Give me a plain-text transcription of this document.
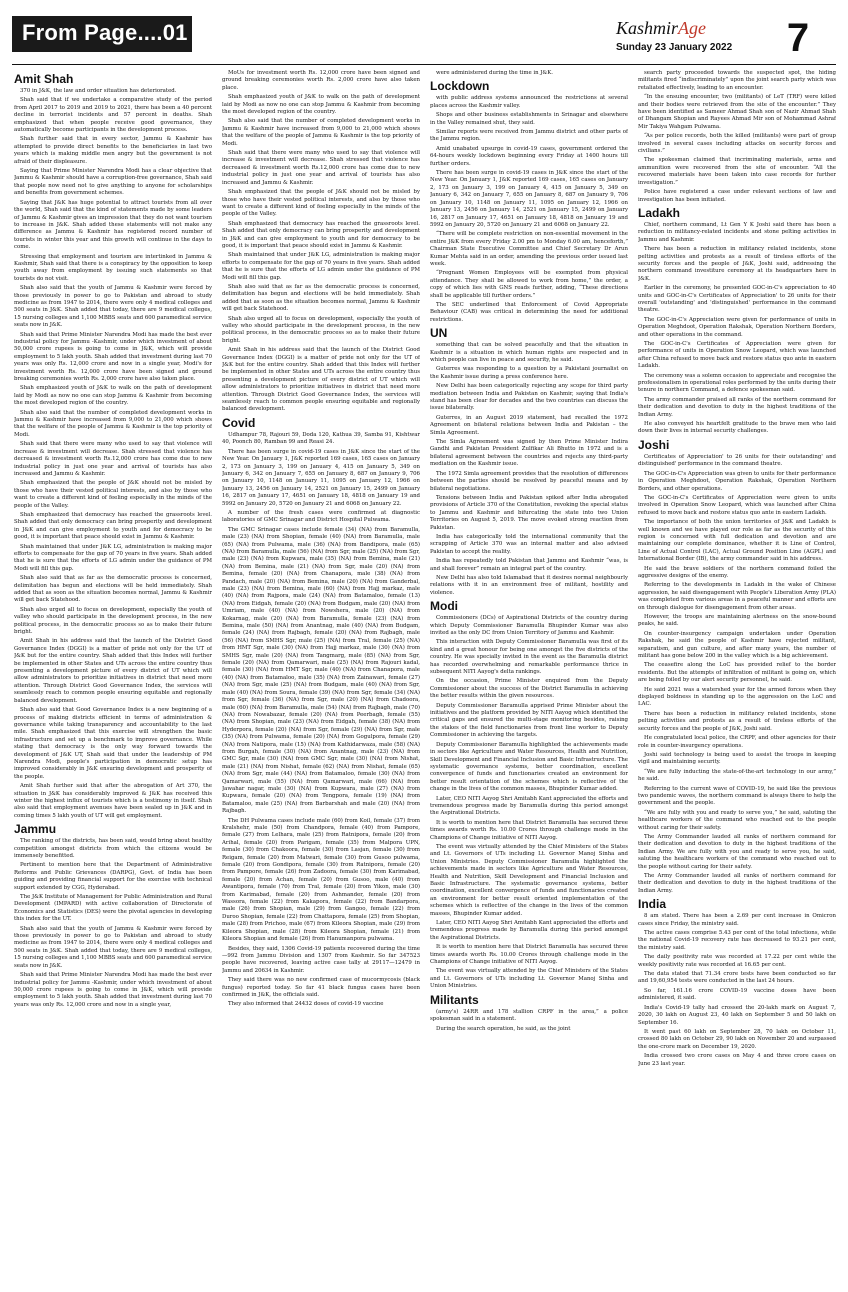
From Page....01	KashmirAge
Sunday 23 January 2022	7
Amit Shah

370 in J&K, the law and order situation has deteriorated.

Shah said that if we undertake a comparative study of the period from April 2017 to 2019 and 2019 to 2021, there has been a 40 percent decline in terrorist incidents and 57 percent in deaths. Shah emphasized that when people receive good governance, they automatically become participants in the development process.

Shah further said that in every sector, Jammu & Kashmir has attempted to provide direct benefits to the beneficiaries in last two years which is making middle men angry but the government is not afraid of their displeasure.

Saying that Prime Minister Narendra Modi has a clear objective that Jammu & Kashmir should have a corruption-free governance, Shah said that people now need not to give anything to anyone for scholarships and benefits from government schemes.

Saying that J&K has huge potential to attract tourists from all over the world, Shah said that the kind of statements made by some leaders of Jammu & Kashmir gives an impression that they do not want tourism to increase in J&K. Shah added these statements will not make any difference as Jammu & Kashmir has registered record number of tourists in winter this year and this growth will continue in the days to come.

Stressing that employment and tourism are intertinked in Jammu & Kashmir, Shah said that there is a conspiracy by the opposition to keep youth away from employment by issuing such statements so that tourists do not visit.

Shah also said that the youth of Jammu & Kashmir were forced by those previously in power to go to Pakistan and abroad to study medicine as from 1947 to 2014, there were only 4 medical colleges and 500 seats in J&K. Shah added that today, there are 9 medical colleges, 15 nursing colleges and 1,100 MBBS seats and 600 paramedical service seats now in J&K.

Shah said that Prime Minister Narendra Modi has made the best ever industrial policy for Jammu -Kashmir, under which investment of about 50,000 crore rupees is going to come in J&K, which will provide employment to 5 lakh youth. Shah added that investment during last 70 years was only Rs. 12,000 crore and now in a single year, Modi's for investment worth Rs. 12,000 crore have been signed and ground breaking ceremonies worth Rs. 2,000 crore have also taken place.

Shah emphasized youth of J&K to walk on the path of development laid by Modi as now no one can stop Jammu & Kashmir from becoming the most developed region of the country.

Shah also said that the number of completed development works in Jammu & Kashmir have increased from 9,000 to 21,000 which shows that the welfare of the people of Jammu & Kashmir is the top priority of Modi.

Shah said that there were many who used to say that violence will increase & investment will decrease. Shah stressed that violence has decreased & investment worth Rs.12,000 crore has come due to new industrial policy in just one year and arrival of tourists has also increased and Jammu & Kashmir.

Shah emphasized that the people of J&K should not be misled by those who have their vested political interests, and also by those who want to create a different kind of feeling especially in the minds of the people of the Valley.

Shah emphasized that democracy has reached the grassroots level. Shah added that only democracy can bring prosperity and development in J&K and can give employment to youth and for democracy to be good, it is important that peace should exist in Jammu & Kashmir.

Shah maintained that under J&K LG, administration is making major efforts to compensate for the gap of 70 years in five years. Shah added that he is sure that the efforts of LG admin under the guidance of PM Modi will fill this gap.

Shah also said that as far as the democratic process is concerned, delimitation has begun and elections will be held immediately. Shah added that as soon as the situation becomes normal, Jammu & Kashmir will get back Statehood.

Shah also urged all to focus on development, especially the youth of valley who should participate in the development process, in the new political process, in the democratic process so as to make their future bright.

Amit Shah in his address said that the launch of the District Good Governance Index (DGGI) is a matter of pride not only for the UT of J&K but for the entire country. Shah added that this Index will further be implemented in other States and UTs across the entire country thus presenting a development picture of every district of UT which will allow administrators to prioritize initiatives in district that need more attention. Through District Good Governance Index, the services will seamlessly reach to common people ensuring equitable and regionally balanced development.

Shah also said that Good Governance Index is a new beginning of a process of making districts efficient in terms of administration & governance while taking transparency and accountability to the last mile. Shah emphasized that this exercise will strengthen the basic infrastructure and set up a benchmark to improve governance. While stating that democracy is the only way forward towards the development of J&K UT, Shah said that under the leadership of PM Narendra Modi, people's participation in democratic setup has improved considerably in J&K ensuring development and prosperity of the people.

Amit Shah further said that after the abrogation of Art 370, the situation in J&K has considerably improved & J&K has received this winter the highest influx of tourists which is a testimony in itself. Shah also said that employment avenues have been sealed up in J&K and in coming times 5 lakh youth of UT will get employment.

Jammu

The ranking of the districts, has been said, would bring about healthy competition amongst districts from which the citizens would be immensely benefitted.

Pertinent to mention here that the Department of Administrative Reforms and Public Grievances (DARPG), Govt. of India has been guiding and providing financial support for the exercise with technical support extended by CGG, Hyderabad.

The J&K Institute of Management for Public Administration and Rural Development (IMPARD) with active collaboration of Directorate of Economics and Statistics (DES) were the pivotal agencies in developing this index for the UT.

Shah also said that the youth of Jammu & Kashmir were forced by those previously in power to go to Pakistan and abroad to study medicine as from 1947 to 2014, there were only 4 medical colleges and 500 seats in J&K. Shah added that today, there are 9 medical colleges, 15 nursing colleges and 1,100 MBBS seats and 600 paramedical service seats now in J&K.

Shah said that Prime Minister Narendra Modi has made the best ever industrial policy for Jammu -Kashmir, under which investment of about 50,000 crore rupees is going to come in J&K, which will provide employment to 5 lakh youth. Shah added that investment during last 70 years was only Rs. 12,000 crore and now in a single year,

MoUs for investment worth Rs. 12,000 crore have been signed and ground breaking ceremonies worth Rs. 2,000 crore have also taken place.

Shah emphasized youth of J&K to walk on the path of development laid by Modi as now no one can stop Jammu & Kashmir from becoming the most developed region of the country.

Shah also said that the number of completed development works in Jammu & Kashmir have increased from 9,000 to 21,000 which shows that the welfare of the people of Jammu & Kashmir is the top priority of Modi.

Shah said that there were many who used to say that violence will increase & investment will decrease. Shah stressed that violence has decreased & investment worth Rs.12,000 crore has come due to new industrial policy in just one year and arrival of tourists has also increased and Jammu & Kashmir.

Shah emphasized that the people of J&K should not be misled by those who have their vested political interests, and also by those who want to create a different kind of feeling especially in the minds of the people of the Valley.

Shah emphasized that democracy has reached the grassroots level. Shah added that only democracy can bring prosperity and development in J&K and can give employment to youth and for democracy to be good, it is important that peace should exist in Jammu & Kashmir.

Shah maintained that under J&K LG, administration is making major efforts to compensate for the gap of 70 years in five years. Shah added that he is sure that the efforts of LG admin under the guidance of PM Modi will fill this gap.

Shah also said that as far as the democratic process is concerned, delimitation has begun and elections will be held immediately. Shah added that as soon as the situation becomes normal, Jammu & Kashmir will get back Statehood.

Shah also urged all to focus on development, especially the youth of valley who should participate in the development process, in the new political process, in the democratic process so as to make their future bright.

Amit Shah in his address said that the launch of the District Good Governance Index (DGGI) is a matter of pride not only for the UT of J&K but for the entire country. Shah added that this Index will further be implemented in other States and UTs across the entire country thus presenting a development picture of every district of UT which will allow administrators to prioritize initiatives in district that need more attention. Through District Good Governance Index, the services will seamlessly reach to common people ensuring equitable and regionally balanced development.

Covid

Udhampur 78, Rajouri 59, Doda 120, Kathua 39, Samba 91, Kishtwar 40, Poonch 80, Ramban 99 and Reasi 24.

There has been surge in covid-19 cases in J&K since the start of the New Year. On January 1, J&K reported 169 cases, 165 cases on January 2, 173 on January 3, 199 on January 4, 415 on January 5, 349 on January 6, 342 on January 7, 655 on January 8, 687 on January 9, 706 on January 10, 1148 on January 11, 1095 on January 12, 1966 on January 13, 2456 on January 14, 2521 on January 15, 2499 on January 16, 2817 on January 17, 4651 on January 18, 4818 on January 19 and 5992 on January 20, 5720 on January 21 and 6068 on January 22.

A number of the fresh cases were confirmed at diagnostic laboratories of GMC Srinagar and District Hospital Pulwama.

The GMC Srinagar cases include female (34) (NA) from Baramulla, male (23) (NA) from Shopian, female (40) (NA) from Baramulla, male (65) (NA) from Pulwama, male (36) (NA) from Bandipora, male (65) (NA) from Baramulla, male (56) (NA) from Sgr, male (25) (NA) from Sgr, male (23) (NA) from Kupwara, male (35) (NA) from Bemina, male (21) (NA) from Bemina, male (21) (NA) from Sgr, male (20) (NA) from Bemina, female (20) (NA) from Chanapora, male (38) (NA) from Pandach, male (20) (NA) from Bemina, male (20) (NA) from Ganderbal, male (23) (NA) from Bemina, male (60) (NA) from Hajj markaz, male (40) (NA) from Rajpora, male (24) (NA) from Batamaloo, female (13) (NA) from Eidgah, female (20) (NA) from Budgam, male (20) (NA) from Umriam, male (40) (NA) from Nowshera, male (20) (NA) from Kokarnag, male (20) (NA) from Baramulla, female (23) (NA) from Bemina, male (50) (NA) from Anantnag, male (40) (NA) from Budgam, female (24) (NA) from Rajbagh, female (20) (NA) from Rajbagh, male (56) (NA) from SMHS Sgr, male (25) (NA) from Tral, female (25) (NA) from HMT Sgr, male (30) (NA) from Hajj markaz, male (30) (NA) from SMHS Sgr, male (20) (NA) from Tangmarg, male (85) (NA) from Sgr, female (20) (NA) from Qamarwari, male (25) (NA) from Rajouri kadal, female (30) (NA) from HMT Sgr, male (40) (NA) from Chanapora, male (40) (NA) from Batamaloo, male (35) (NA) from Zainawari, female (27) (NA) from Sgr, male (25) (NA) from Budgam, male (40) (NA) from Sgr, male (40) (NA) from Soura, female (39) (NA) from Sgr, female (34) (NA) from Sgr, female (36) (NA) from Sgr, male (20) (NA) from Chadoora, male (60) (NA) from Baramulla, male (54) (NA) from Rajbagh, male (70) (NA) from Nowabazar, female (20) (NA) from Peerbagh, female (55) (NA) from Shopian, male (23) (NA) from Eidgah, female (38) (NA) from Hyderpora, female (20) (NA) from Sgr, female (29) (NA) from Sgr, male (35) (NA) from Pulwama, female (20) (NA) from Gogulpora, female (29) (NA) from Natipora, male (15) (NA) from Kathidarwaza, male (58) (NA) from Burgah, female (30) (NA) from Anantnag, male (23) (NA) from GMC Sgr, male (30) (NA) from GMC Sgr, male (30) (NA) from Nishat, male (21) (NA) from Nishat, female (62) (NA) from Nishat, female (65) (NA) from Sgr, male (44) (NA) from Batamaloo, female (30) (NA) from Qamarwari, male (55) (NA) from Qamarwari, male (66) (NA) from Jawahar nagar, male (30) (NA) from Kupwara, male (27) (NA) from Kupwara, female (20) (NA) from Tengpora, female (19) (NA) from Batamaloo, male (25) (NA) from Barbarshah and male (20) (NA) from Rajbagh.

The DH Pulwama cases include male (60) from Koil, female (37) from Kralshehr, male (50) from Chandpora, female (40) from Pampore, female (27) from Lelhara, male (25) from Ratnipora, female (20) from Arihal, female (20) from Parigam, female (35) from Malpora UPN, female (30) from Chakoora, female (30) from Lasjan, female (30) from Reigam, female (20) from Matwari, female (30) from Gusoo pulwama, female (20) from Gondipora, female (30) from Ratnipora, female (20) from Pampore, female (26) from Zadoora, female (30) from Karimabad, female (20) from Achan, female (20) from Gusoo, male (40) from Awantipora, female (70) from Tral, female (20) from Yikon, male (30) from Karimabad, female (20) from Ashmander, female (20) from Wassora, female (22) from Kakapora, female (22) from Bandarpora, male (26) from Shopian, male (29) from Gangoo, female (22) from Duroo Shopian, female (22) from Chattapora, female (25) from Shopian, male (28) from Prichoo, male (67) from Kileora Shopian, male (29) from Kileora Shopian, male (28) from Kileora Shopian, female (21) from Kileora Shopian and female (26) from Hanumanpora pulwama.

Besides, they said, 1306 Covid-19 patients recovered during the time—992 from Jammu Division and 1307 from Kashmir. So far 347523 people have recovered, leaving active case tally at 29117—12479 in Jammu and 20634 in Kashmir.

They said there was no new confirmed case of mucormycosis (black fungus) reported today. So far 41 black fungus cases have been confirmed in J&K, the officials said.

They also informed that 24432 doses of covid-19 vaccine

were administered during the time in J&K.

Lockdown

with public address systems announced the restrictions at several places across the Kashmir valley.

Shops and other business establishments in Srinagar and elsewhere in the Valley remained shut, they said.

Similar reports were received from Jammu district and other parts of the Jammu region.

Amid unabated upsurge in covid-19 cases, government ordered the 64-hours weekly lockdown beginning every Friday at 1400 hours till further orders.

There has been surge in covid-19 cases in J&K since the start of the New Year. On January 1, J&K reported 169 cases, 165 cases on January 2, 173 on January 3, 199 on January 4, 415 on January 5, 349 on January 6, 342 on January 7, 655 on January 8, 687 on January 9, 706 on January 10, 1148 on January 11, 1095 on January 12, 1966 on January 13, 2456 on January 14, 2521 on January 15, 2499 on January 16, 2817 on January 17, 4651 on January 18, 4818 on January 19 and 5992 on January 20, 5720 on January 21 and 6068 on January 22.

“There will be complete restriction on non-essential movement in the entire J&K from every Friday 2.00 pm to Monday 6.00 am, henceforth,” Chairman State Executive Committee and Chief Secretary Dr Arun Kumar Mehta said in an order, amending the previous order issued last week.

“Pregnant Women Employees will be exempted from physical attendance. They shall be allowed to work from home,” the order, a copy of which lies with GNS reads further, adding, “These directions shall be applicable till further orders.”

The SEC underlined that Enforcement of Covid Appropriate Behaviour (CAB) was critical in determining the need for additional restrictions.

UN

something that can be solved peacefully and that the situation in Kashmir is a situation in which human rights are respected and in which people can live in peace and security, he said.

Guterres was responding to a question by a Pakistani journalist on the Kashmir issue during a press conference here.

New Delhi has been categorically rejecting any scope for third party mediation between India and Pakistan on Kashmir, saying that India's stand has been clear for decades and the two countries can discuss the issue bilaterally.

Guterres, in an August 2019 statement, had recalled the 1972 Agreement on bilateral relations between India and Pakistan – the Simla Agreement.

The Simla Agreement was signed by then Prime Minister Indira Gandhi and Pakistan President Zulfikar Ali Bhutto in 1972 and is a bilateral agreement between the countries and rejects any third-party mediation on the Kashmir issue.

The 1972 Simla agreement provides that the resolution of differences between the parties should be resolved by peaceful means and by bilateral negotiations.

Tensions between India and Pakistan spiked after India abrogated provisions of Article 370 of the Constitution, revoking the special status to Jammu and Kashmir and bifurcating the state into two Union Territories on August 5, 2019. The move evoked strong reaction from Pakistan.

India has categorically told the international community that the scrapping of Article 370 was an internal matter and also advised Pakistan to accept the reality.

India has repeatedly told Pakistan that Jammu and Kashmir “was, is and shall forever” remain an integral part of the country.

New Delhi has also told Islamabad that it desires normal neighbourly relations with it in an environment free of militant, hostility and violence.

Modi

Commissioners (DCs) of Aspirational Districts of the country during which Deputy Commissioner Baramulla Bhupinder Kumar was also invited as the only DC from Union Territory of Jammu and Kashmir.

This interaction with Deputy Commissioner Baramulla was first of its kind and a great honour for being one amongst the five districts of the country. He was specially invited in the event as the Baramulla district has recorded overwhelming and remarkable performance thrice in subsequent NITI Aayog's delta rankings.

On the occasion, Prime Minister enquired from the Deputy Commissioner about the success of the District Baramulla in achieving the better results within the given resources.

Deputy Commissioner Baramulla apprised Prime Minister about the initiatives and the platform provided by NITI Aayog which identified the critical gaps and ensured the multi-stage monitoring besides, raising the stakes of the field functionaries from front line worker to Deputy Commissioner in achieving the targets.

Deputy Commissioner Baramulla highlighted the achievements made in sectors like Agriculture and Water Resources, Health and Nutrition, Skill Development and Financial Inclusion and Basic Infrastructure. The systematic governance systems, better coordination, excellent convergence of funds and functionaries created an environment for better result orientation of the schemes which is reflective of the change in the lives of the common masses, Bhupinder Kumar added.

Later, CEO NITI Aayog Shri Amitabh Kant appreciated the efforts and tremendous progress made by Baramulla during this period amongst the Aspirational Districts.

It is worth to mention here that District Baramulla has secured three times awards worth Rs. 10.00 Crores through challenge mode in the Champions of Change initiative of NITI Aayog.

The event was virtually attended by the Chief Ministers of the States and Lt. Governors of UTs including Lt. Governor Manoj Sinha and Union Ministries. Deputy Commissioner Baramulla highlighted the achievements made in sectors like Agriculture and Water Resources, Health and Nutrition, Skill Development and Financial Inclusion and Basic Infrastructure. The systematic governance systems, better coordination, excellent convergence of funds and functionaries created an environment for better result oriented implementation of the schemes which is reflective of the change in the lives of the common masses, Bhupinder Kumar added.

Later, CEO NITI Aayog Shri Amitabh Kant appreciated the efforts and tremendous progress made by Baramulla during this period amongst the Aspirational Districts.

It is worth to mention here that District Baramulla has secured three times awards worth Rs. 10.00 Crores through challenge mode in the Champions of Change initiative of NITI Aayog.

The event was virtually attended by the Chief Ministers of the States and Lt. Governors of UTs including Lt. Governor Manoj Sinha and Union Ministries.

Militants

(army's) 24RR and 178 stallion CRPF in the area,” a police spokesman said in a statement.

During the search operation, he said, as the joint

search party proceeded towards the suspected spot, the hiding militants fired “indiscriminately” upon the joint search party which was retaliated effectively, leading to an encounter.

“In the ensuing encounter, two (militants) of LeT (TRF) were killed and their bodies were retrieved from the site of the encounter.” They have been identified as Sameer Ahmad Shah son of Nazir Ahmad Shah of Dhangam Shopian and Rayees Ahmad Mir son of Mohammad Ashraf Mir Takiya Wahgam Pulwama.

“As per police records, both the killed (militants) were part of group involved in several cases including attacks on security forces and civilians.”

The spokesman claimed that incriminating materials, arms and ammunition were recovered from the site of encounter. “All the recovered materials have been taken into case records for further investigation.”

Police have registered a case under relevant sections of law and investigation has been initiated.

Ladakh

Chief, northern command, Lt Gen Y K Joshi said there has been a reduction in militancy-related incidents and stone pelting activities in Jammu and Kashmir.

There has been a reduction in militancy related incidents, stone pelting activities and protests as a result of tireless efforts of the security forces and the people of J&K, Joshi said, addressing the northern command investiture ceremony at its headquarters here in J&K.

Earlier in the ceremony, he presented GOC-in-C's appreciation to 40 units and GOC-in-C's Certificates of Appreciation' to 26 units for their overall 'outstanding' and 'distinguished' performance in the command theatre.

The GOC-in-C's Appreciation were given for performance of units in Operation Meghdoot, Operation Rakshak, Operation Northern Borders, and other operations in the command.

The GOC-in-C's Certificates of Appreciation were given for performance of units in Operation Snow Leopard, which was launched after China refused to move back and restore status quo ante in eastern Ladakh.

The ceremony was a solemn occasion to appreciate and recognise the professionalism in operational roles performed by the units during their tenure in northern Command, a defence spokesman said.

The army commander praised all ranks of the northern command for their dedication and devotion to duty in the highest traditions of the Indian Army.

He also conveyed his heartfelt gratitude to the brave men who laid down their lives in internal security challenges.

Joshi

Certificates of Appreciation' to 26 units for their outstanding' and distinguished' performance in the command theatre.

The GOC-in-C's Appreciation was given to units for their performance in Operation Meghdoot, Operation Rakshak, Operation Northern Borders, and other operations.

The GOC-in-C's Certificates of Appreciation were given to units involved in Operation Snow Leopard, which was launched after China refused to move back and restore status quo ante in eastern Ladakh.

The importance of both the union territories of J&K and Ladakh is well known and we have played our role as far as the security of this region is concerned with full dedication and devotion and are maintaining our complete dominance, whether it is Line of Control, Line of Actual Control (LAC), Actual Ground Position Line (AGPL) and International Border (IB), the army commander said in his address.

He said the brave soldiers of the northern command foiled the aggressive designs of the enemy.

Referring to the developments in Ladakh in the wake of Chinese aggression, he said disengagement with People's Liberation Army (PLA) was completed from various areas in a peaceful manner and efforts are on through dialogue for disengagement from other areas.

However, the troops are maintaining alertness on the snow-bound peaks, he said.

On counter-insurgency campaign undertaken under Operation Rakshak, he said the people of Kashmir have rejected militant, separatism, and gun culture, and after many years, the number of militant has gone below 200 in the valley which is a big achievement.

The ceasefire along the LoC has provided relief to the border residents. But the attempts of infiltration of militant is going on, which are being foiled by our alert security personnel, he said.

He said 2021 was a watershed year for the armed forces when they displayed boldness in standing up to the aggression on the LoC and LAC.

There has been a reduction in militancy related incidents, stone pelting activities and protests as a result of tireless efforts of the security forces and the people of J&K, Joshi said.

He congratulated local police, the CRPF, and other agencies for their role in counter-insurgency operations.

Joshi said technology is being used to assist the troops in keeping vigil and maintaining security.

“We are fully inducting the state-of-the-art technology in our army,” he said.

Referring to the current wave of COVID-19, he said like the previous two pandemic waves, the northern command is always there to help the government and the people.

“We are fully with you and ready to serve you,” he said, saluting the healthcare workers of the command who reached out to the people without caring for their safety.

The Army Commander lauded all ranks of northern command for their dedication and devotion to duty in the highest traditions of the Indian Army. We are fully with you and ready to serve you, he said, saluting the healthcare workers of the command who reached out to the people without caring for their safety.

The Army Commander lauded all ranks of northern command for their dedication and devotion to duty in the highest traditions of the Indian Army.

India

8 am stated. There has been a 2.69 per cent increase in Omicron cases since Friday, the ministry said.

The active cases comprise 5.43 per cent of the total infections, while the national Covid-19 recovery rate has decreased to 93.21 per cent, the ministry said.

The daily positivity rate was recorded at 17.22 per cent while the weekly positivity rate was recorded at 16.65 per cent.

The data stated that 71.34 crore tests have been conducted so far and 19,60,954 tests were conducted in the last 24 hours.

So far, 161.16 crore COVID-19 vaccine doses have been administered, it said.

India's Covid-19 tally had crossed the 20-lakh mark on August 7, 2020, 30 lakh on August 23, 40 lakh on September 5 and 50 lakh on September 16.

It went past 60 lakh on September 28, 70 lakh on October 11, crossed 80 lakh on October 29, 90 lakh on November 20 and surpassed the one-crore mark on December 19, 2020.

India crossed two crore cases on May 4 and three crore cases on June 23 last year.
